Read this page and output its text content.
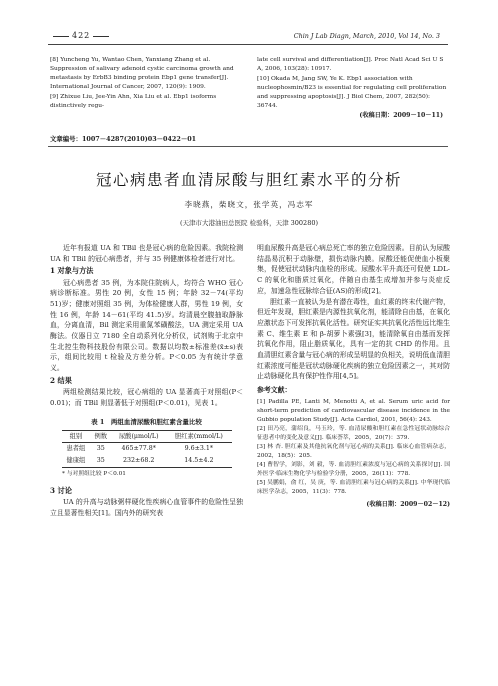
422	Chin J Lab Diagn, March, 2010, Vol 14, No. 3

[8] Yuncheng Yu, Wantao Chen, Yanxiang Zhang et al. Suppression of salivary adenoid cystic carcinoma growth and metastasis by ErbB3 binding protein Ebp1 gene transfer[J]. International Journal of Cancer, 2007, 120(9): 1909.

[9] Zhixue Liu, Jee-Yin Ahn, Xia Liu et al. Ebp1 isoforms distinctively regu-

late cell survival and differentiation[J]. Proc Natl Acad Sci U S A, 2006, 103(28): 10917.

[10] Okada M, Jang SW, Ye K. Ebp1 association with nucleophosmin/B23 is essential for regulating cell proliferation and suppressing apoptosis[J]. J Biol Chem, 2007, 282(50): 36744.

(收稿日期：2009－10－11)
文章编号：1007－4287(2010)03－0422－01
冠心病患者血清尿酸与胆红素水平的分析
李晓燕，柴晓文，张学英，冯志军
(天津市大港油田总医院 检验科，天津 300280)

近年有报道 UA 和 TBil 也是冠心病的危险因素。我院检测 UA 和 TBil 的冠心病患者，并与 35 例健康体检者进行对比。

1 对象与方法

冠心病患者 35 例，为本院住院病人，均符合 WHO 冠心病诊断标准。男性 20 例，女性 15 例；年龄 32－74(平均 51)岁；健康对照组 35 例，为体检健康人群，男性 19 例，女性 16 例，年龄 14－61(平均 41.5)岁。均清晨空腹抽取静脉血，分离血清，Bil 测定采用重氮苯磺酸法，UA 测定采用 UA 酶法。仪器日立 7180 全自动系列化分析仪，试剂购于北京中生北控生物科技股份有限公司。数据以均数±标准差(x̄±s)表示，组间比较用 t 检验及方差分析。P＜0.05 为有统计学意义。

2 结果

两组检测结果比较，冠心病组的 UA 显著高于对照组(P＜0.01)；而 TBil 则显著低于对照组(P＜0.01)，见表 1。

表 1　两组血清尿酸和胆红素含量比较
组别	例数	尿酸(μmol/L)	胆红素(mmol/L)
患者组	35	465±77.8*	9.6±3.1*
健康组	35	232±68.2	14.5±4.2
* 与对照组比较 P＜0.01
3 讨论

UA 的升高与动脉粥样硬化性疾病心血管事件的危险性呈独立且显著性相关[1]。国内外的研究表

明血尿酸升高是冠心病总死亡率的独立危险因素。目前认为尿酸结晶易沉积于动脉壁，损伤动脉内膜。尿酸还能促使血小板聚集，促使冠状动脉内血栓的形成。尿酸水平升高还可促使 LDL-C 的氧化和脂质过氧化，伴随自由基生成增加并参与炎症反应，加速急性冠脉综合征(AS)的形成[2]。

胆红素一直被认为是有潜在毒性，血红素的终末代谢产物，但近年发现，胆红素是内源性抗氧化剂，能清除自由基，在氧化应激状态下可发挥抗氧化活性。研究证实其抗氧化活性远比维生素 C、维生素 E 和 β-胡萝卜素强[3]，能清除氧自由基而发挥抗氧化作用，阻止脂质氧化，具有一定的抗 CHD 的作用。且血清胆红素含量与冠心病的形成呈明显的负相关，说明低血清胆红素浓度可能是冠状动脉硬化疾病的独立危险因素之一，其对防止动脉硬化具有保护性作用[4,5]。

参考文献：

[1] Padilla PE, Lanti M, Menotti A, et al. Serum uric acid for short-term prediction of cardiovascular disease incidence in the Gubbio population Study[J]. Acta Cardiol, 2001, 56(4): 243.

[2] 田乃亮，蒲绍良，马玉玲，等. 血清尿酸和胆红素在急性冠状动脉综合征患者中的变化及意义[J]. 临床荟萃，2005，20(7)：379.

[3] 林 杏. 胆红素及其他抗氧化剂与冠心病的关系[J]. 临床心血管病杂志，2002，18(5)：205.

[4] 曹智学，刘影，刘 毅，等. 血清胆红素浓度与冠心病的关系探讨[J]. 国外医学·临床生物化学与检验学分册，2005，26(11)：778.

[5] 吴鹏娟，俞 红，吴 庚，等. 血清胆红素与冠心病的关系[J]. 中华现代临床医学杂志，2005，11(3)：778.

(收稿日期：2009－02－12)
